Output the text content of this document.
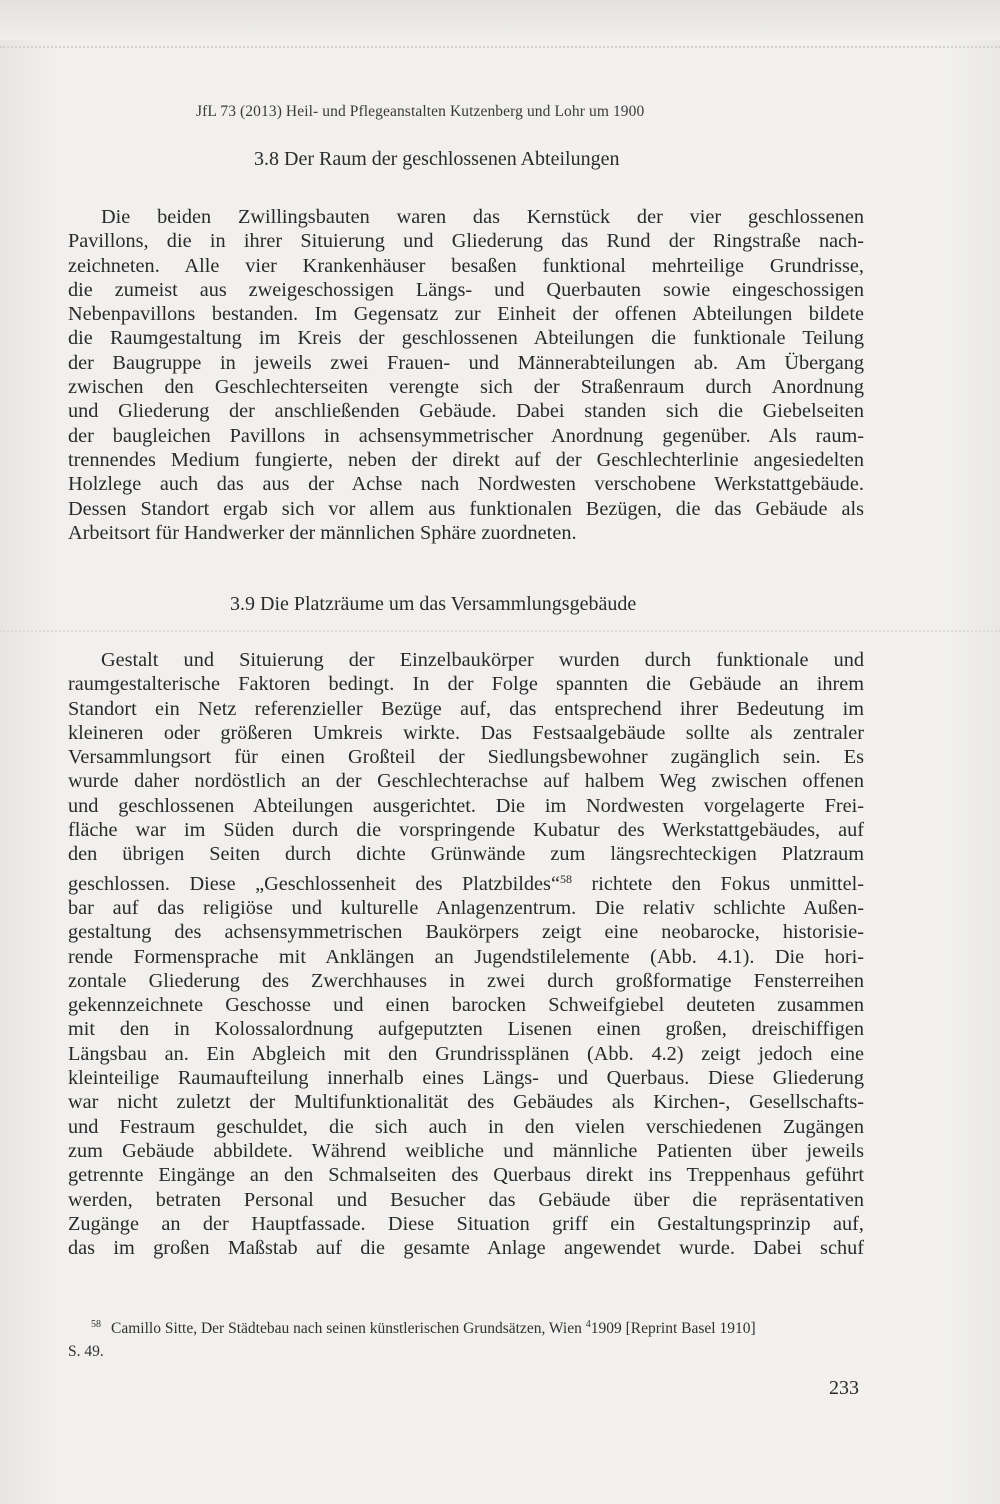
JfL 73 (2013) Heil- und Pflegeanstalten Kutzenberg und Lohr um 1900
3.8 Der Raum der geschlossenen Abteilungen
Die beiden Zwillingsbauten waren das Kernstück der vier geschlossenen
Pavillons, die in ihrer Situierung und Gliederung das Rund der Ringstraße nach-
zeichneten. Alle vier Krankenhäuser besaßen funktional mehrteilige Grundrisse,
die zumeist aus zweigeschossigen Längs- und Querbauten sowie eingeschossigen
Nebenpavillons bestanden. Im Gegensatz zur Einheit der offenen Abteilungen bildete
die Raumgestaltung im Kreis der geschlossenen Abteilungen die funktionale Teilung
der Baugruppe in jeweils zwei Frauen- und Männerabteilungen ab. Am Übergang
zwischen den Geschlechterseiten verengte sich der Straßenraum durch Anordnung
und Gliederung der anschließenden Gebäude. Dabei standen sich die Giebelseiten
der baugleichen Pavillons in achsensymmetrischer Anordnung gegenüber. Als raum-
trennendes Medium fungierte, neben der direkt auf der Geschlechterlinie angesiedelten
Holzlege auch das aus der Achse nach Nordwesten verschobene Werkstattgebäude.
Dessen Standort ergab sich vor allem aus funktionalen Bezügen, die das Gebäude als
Arbeitsort für Handwerker der männlichen Sphäre zuordneten.
3.9 Die Platzräume um das Versammlungsgebäude
Gestalt und Situierung der Einzelbaukörper wurden durch funktionale und
raumgestalterische Faktoren bedingt. In der Folge spannten die Gebäude an ihrem
Standort ein Netz referenzieller Bezüge auf, das entsprechend ihrer Bedeutung im
kleineren oder größeren Umkreis wirkte. Das Festsaalgebäude sollte als zentraler
Versammlungsort für einen Großteil der Siedlungsbewohner zugänglich sein. Es
wurde daher nordöstlich an der Geschlechterachse auf halbem Weg zwischen offenen
und geschlossenen Abteilungen ausgerichtet. Die im Nordwesten vorgelagerte Frei-
fläche war im Süden durch die vorspringende Kubatur des Werkstattgebäudes, auf
den übrigen Seiten durch dichte Grünwände zum längsrechteckigen Platzraum
geschlossen. Diese „Geschlossenheit des Platzbildes“$^{58}$ richtete den Fokus unmittel-
bar auf das religiöse und kulturelle Anlagenzentrum. Die relativ schlichte Außen-
gestaltung des achsensymmetrischen Baukörpers zeigt eine neobarocke, historisie-
rende Formensprache mit Anklängen an Jugendstilelemente (Abb. 4.1). Die hori-
zontale Gliederung des Zwerchhauses in zwei durch großformatige Fensterreihen
gekennzeichnete Geschosse und einen barocken Schweifgiebel deuteten zusammen
mit den in Kolossalordnung aufgeputzten Lisenen einen großen, dreischiffigen
Längsbau an. Ein Abgleich mit den Grundrissplänen (Abb. 4.2) zeigt jedoch eine
kleinteilige Raumaufteilung innerhalb eines Längs- und Querbaus. Diese Gliederung
war nicht zuletzt der Multifunktionalität des Gebäudes als Kirchen-, Gesellschafts-
und Festraum geschuldet, die sich auch in den vielen verschiedenen Zugängen
zum Gebäude abbildete. Während weibliche und männliche Patienten über jeweils
getrennte Eingänge an den Schmalseiten des Querbaus direkt ins Treppenhaus geführt
werden, betraten Personal und Besucher das Gebäude über die repräsentativen
Zugänge an der Hauptfassade. Diese Situation griff ein Gestaltungsprinzip auf,
das im großen Maßstab auf die gesamte Anlage angewendet wurde. Dabei schuf
$^{58}$ Camillo Sitte, Der Städtebau nach seinen künstlerischen Grundsätzen, Wien $^4$1909 [Reprint Basel 1910]
S. 49.
233
